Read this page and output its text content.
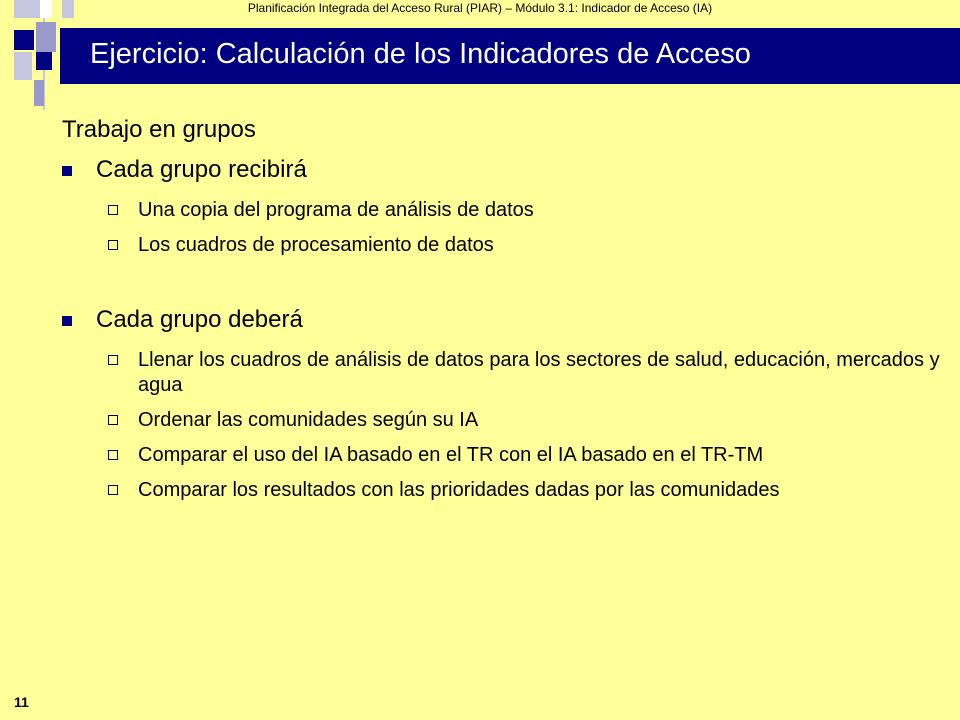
Planificación Integrada del Acceso Rural (PIAR) – Módulo 3.1: Indicador de Acceso (IA)
Ejercicio: Calculación de los Indicadores de Acceso

Trabajo en grupos

Cada grupo recibirá
Una copia del programa de análisis de datos
Los cuadros de procesamiento de datos
Cada grupo deberá
Llenar los cuadros de análisis de datos para los sectores de salud, educación, mercados y agua
Ordenar las comunidades según su IA
Comparar el uso del IA basado en el TR con el IA basado en el TR-TM
Comparar los resultados con las prioridades dadas por las comunidades
11
